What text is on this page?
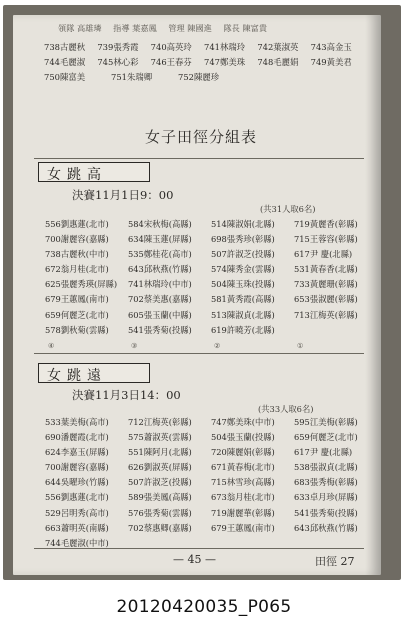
領隊 高雄璘 指導 葉嘉鳳 管理 陳國進 隊長 陳富貴
738古麗秋	739張秀霞	740高英玲	741林瑞玲	742葉淑英	743高金玉
744毛麗淑	745林心彩	746王春芬	747鄭美珠	748毛麗娟	749黃美君
750陳富美	751朱瑞卿	752陳麗珍
女子田徑分組表
女跳高
決賽11月1日9：00
(共31人取6名)
556劉惠蓮(北市)	584宋秋梅(高縣)	514陳淑娟(北縣)	719黃麗香(彰縣)
700謝麗容(嘉縣)	634陳玉蓮(屏縣)	698張秀珍(彰縣)	715王蓉容(彰縣)
738古麗秋(中市)	535鄭桂花(高市)	507許淑芝(投縣)	617尹 慶(北縣)
672翁月桂(北市)	643邱秋燕(竹縣)	574陳秀金(雲縣)	531黃春香(北縣)
625張麗秀瑛(屏縣)	741林瑞玲(中市)	504陳玉珠(投縣)	733黃麗珊(彰縣)
679王蕙鳳(南市)	702蔡美惠(嘉縣)	581黃秀霞(高縣)	653張淑麗(彰縣)
659何麗芝(北市)	605張玉蘭(中縣)	513陳淑貞(北縣)	713江梅英(彰縣)
578劉秋菊(雲縣)	541張秀菊(投縣)	619許曉芳(北縣)
④	③	②	①
女跳遠
決賽11月3日14：00
(共33人取6名)
533葉美梅(高市)	712江梅英(彰縣)	747鄭美珠(中市)	595江美梅(彰縣)
690潘麗霞(北市)	575蕭淑英(雲縣)	504張玉蘭(投縣)	659何麗芝(北市)
624李嘉玉(屏縣)	551陳阿月(北縣)	720陳麗娟(彰縣)	617尹 慶(北縣)
700謝麗容(嘉縣)	626劉淑英(屏縣)	671黃春梅(北市)	538張淑貞(北縣)
644吳曜珍(竹縣)	507許淑芝(投縣)	715林雪珍(高縣)	683張秀梅(彰縣)
556劉惠蓮(北市)	589張美鳳(高縣)	673翁月桂(北市)	633卓月珍(屏縣)
529呂明秀(高市)	576張秀菊(雲縣)	719謝麗華(彰縣)	541張秀菊(投縣)
663蕭明英(南縣)	702蔡惠卿(嘉縣)	679王蕙鳳(南市)	643邱秋燕(竹縣)
744毛麗淑(中市)
— 45 —	田徑 27
20120420035_P065
